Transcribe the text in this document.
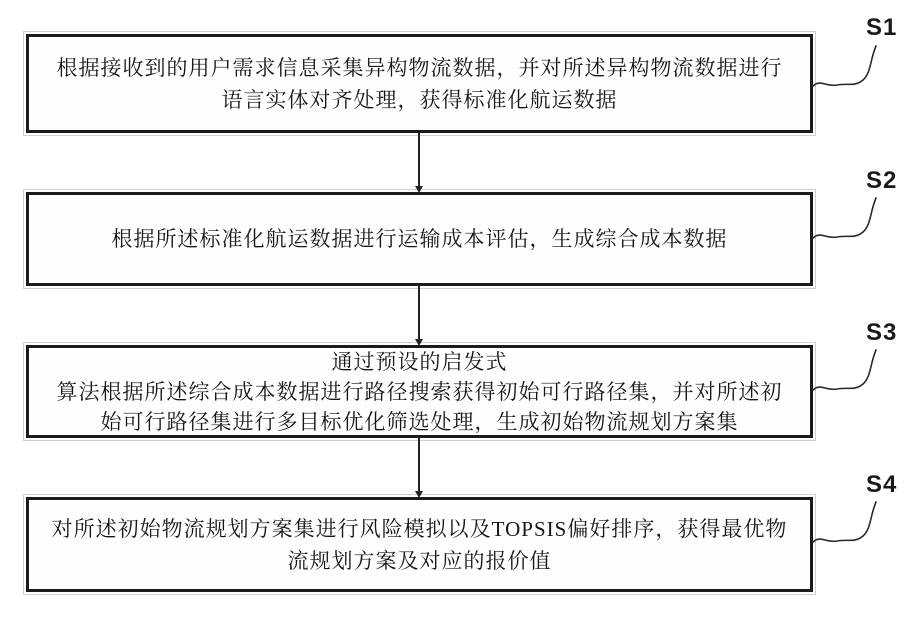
根据接收到的用户需求信息采集异构物流数据，并对所述异构物流数据进行
语言实体对齐处理，获得标准化航运数据
根据所述标准化航运数据进行运输成本评估，生成综合成本数据
通过预设的启发式
算法根据所述综合成本数据进行路径搜索获得初始可行路径集，并对所述初
始可行路径集进行多目标优化筛选处理，生成初始物流规划方案集
对所述初始物流规划方案集进行风险模拟以及TOPSIS偏好排序，获得最优物
流规划方案及对应的报价值
S1
S2
S3
S4
